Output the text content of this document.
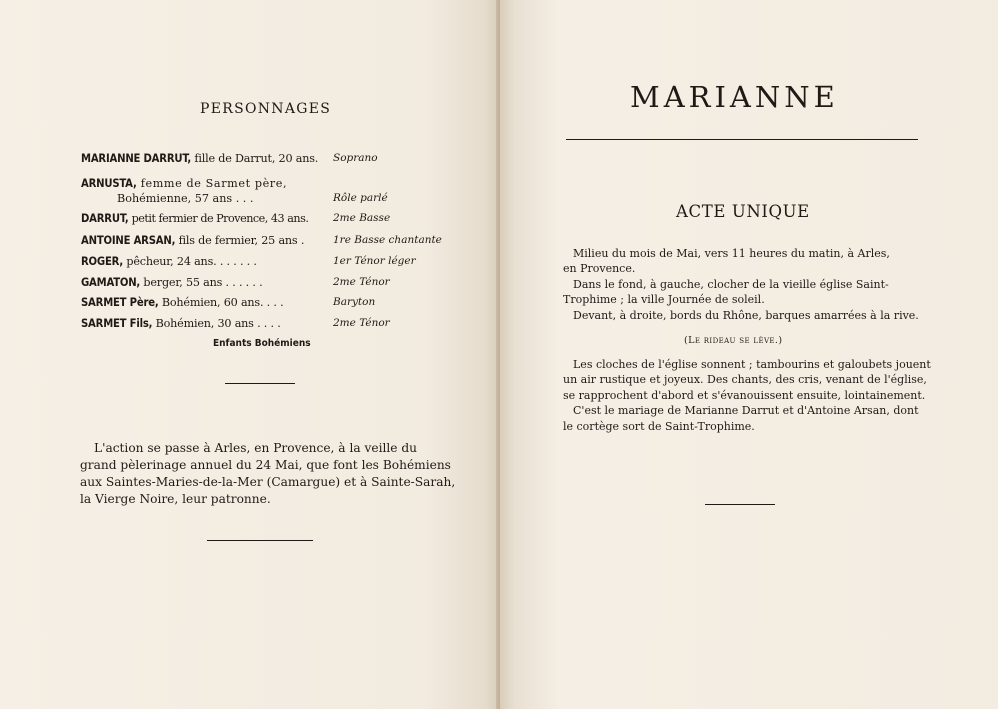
PERSONNAGES
MARIANNE DARRUT, fille de Darrut, 20 ans. Soprano
ARNUSTA, femme de Sarmet père,
Bohémienne, 57 ans . . .	Rôle parlé
DARRUT, petit fermier de Provence, 43 ans. 2me Basse
ANTOINE ARSAN, fils de fermier, 25 ans .	1re Basse chantante
ROGER, pêcheur, 24 ans. . . . . . .	1er Ténor léger
GAMATON, berger, 55 ans . . . . . .	2me Ténor
SARMET Père, Bohémien, 60 ans. . . .	Baryton
SARMET Fils, Bohémien, 30 ans . . . .	2me Ténor
Enfants Bohémiens
L'action se passe à Arles, en Provence, à la veille du
grand pèlerinage annuel du 24 Mai, que font les Bohémiens
aux Saintes-Maries-de-la-Mer (Camargue) et à Sainte-Sarah,
la Vierge Noire, leur patronne.
MARIANNE
ACTE UNIQUE
Milieu du mois de Mai, vers 11 heures du matin, à Arles,
en Provence.
Dans le fond, à gauche, clocher de la vieille église Saint-
Trophime ; la ville Journée de soleil.
Devant, à droite, bords du Rhône, barques amarrées à la rive.
(Le rideau se lève.)
Les cloches de l'église sonnent ; tambourins et galoubets jouent
un air rustique et joyeux. Des chants, des cris, venant de l'église,
se rapprochent d'abord et s'évanouissent ensuite, lointainement.
C'est le mariage de Marianne Darrut et d'Antoine Arsan, dont
le cortège sort de Saint-Trophime.
